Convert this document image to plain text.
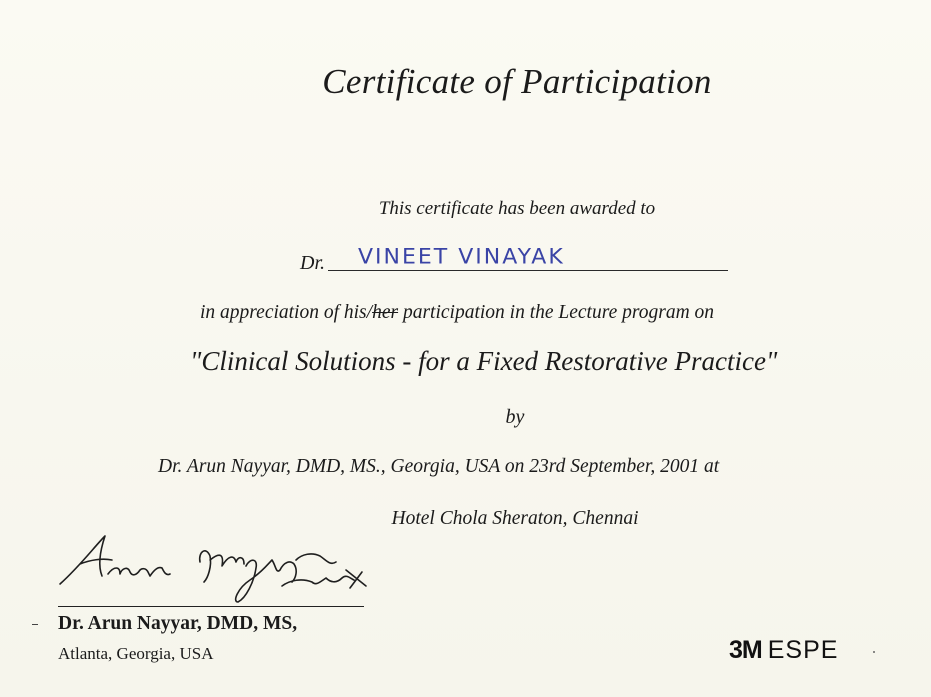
Certificate of Participation
This certificate has been awarded to
Dr. VINEET VINAYAK
in appreciation of his/her participation in the Lecture program on
"Clinical Solutions - for a Fixed Restorative Practice"
by
Dr. Arun Nayyar, DMD, MS., Georgia, USA on 23rd September, 2001 at
Hotel Chola Sheraton, Chennai
Dr. Arun Nayyar, DMD, MS,
Atlanta, Georgia, USA	3M ESPE
